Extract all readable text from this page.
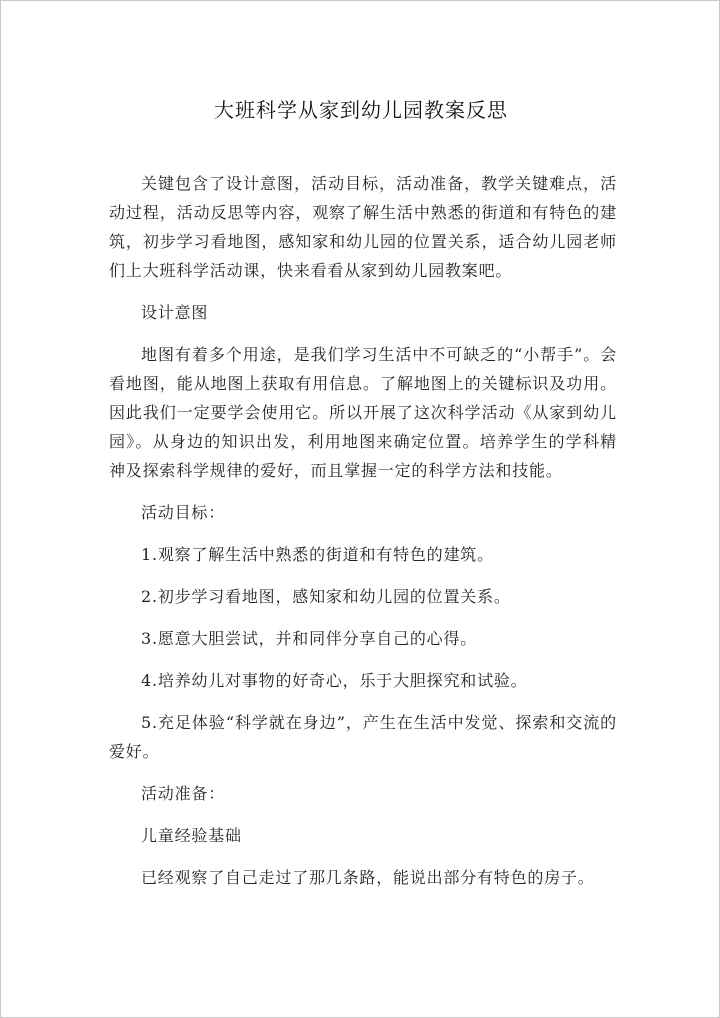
大班科学从家到幼儿园教案反思

关键包含了设计意图，活动目标，活动准备，教学关键难点，活动过程，活动反思等内容，观察了解生活中熟悉的街道和有特色的建筑，初步学习看地图，感知家和幼儿园的位置关系，适合幼儿园老师们上大班科学活动课，快来看看从家到幼儿园教案吧。

设计意图

地图有着多个用途，是我们学习生活中不可缺乏的“小帮手”。会看地图，能从地图上获取有用信息。了解地图上的关键标识及功用。因此我们一定要学会使用它。所以开展了这次科学活动《从家到幼儿园》。从身边的知识出发，利用地图来确定位置。培养学生的学科精神及探索科学规律的爱好，而且掌握一定的科学方法和技能。

活动目标：

1.观察了解生活中熟悉的街道和有特色的建筑。

2.初步学习看地图，感知家和幼儿园的位置关系。

3.愿意大胆尝试，并和同伴分享自己的心得。

4.培养幼儿对事物的好奇心，乐于大胆探究和试验。

5.充足体验“科学就在身边”，产生在生活中发觉、探索和交流的爱好。

活动准备：

儿童经验基础

已经观察了自己走过了那几条路，能说出部分有特色的房子。
